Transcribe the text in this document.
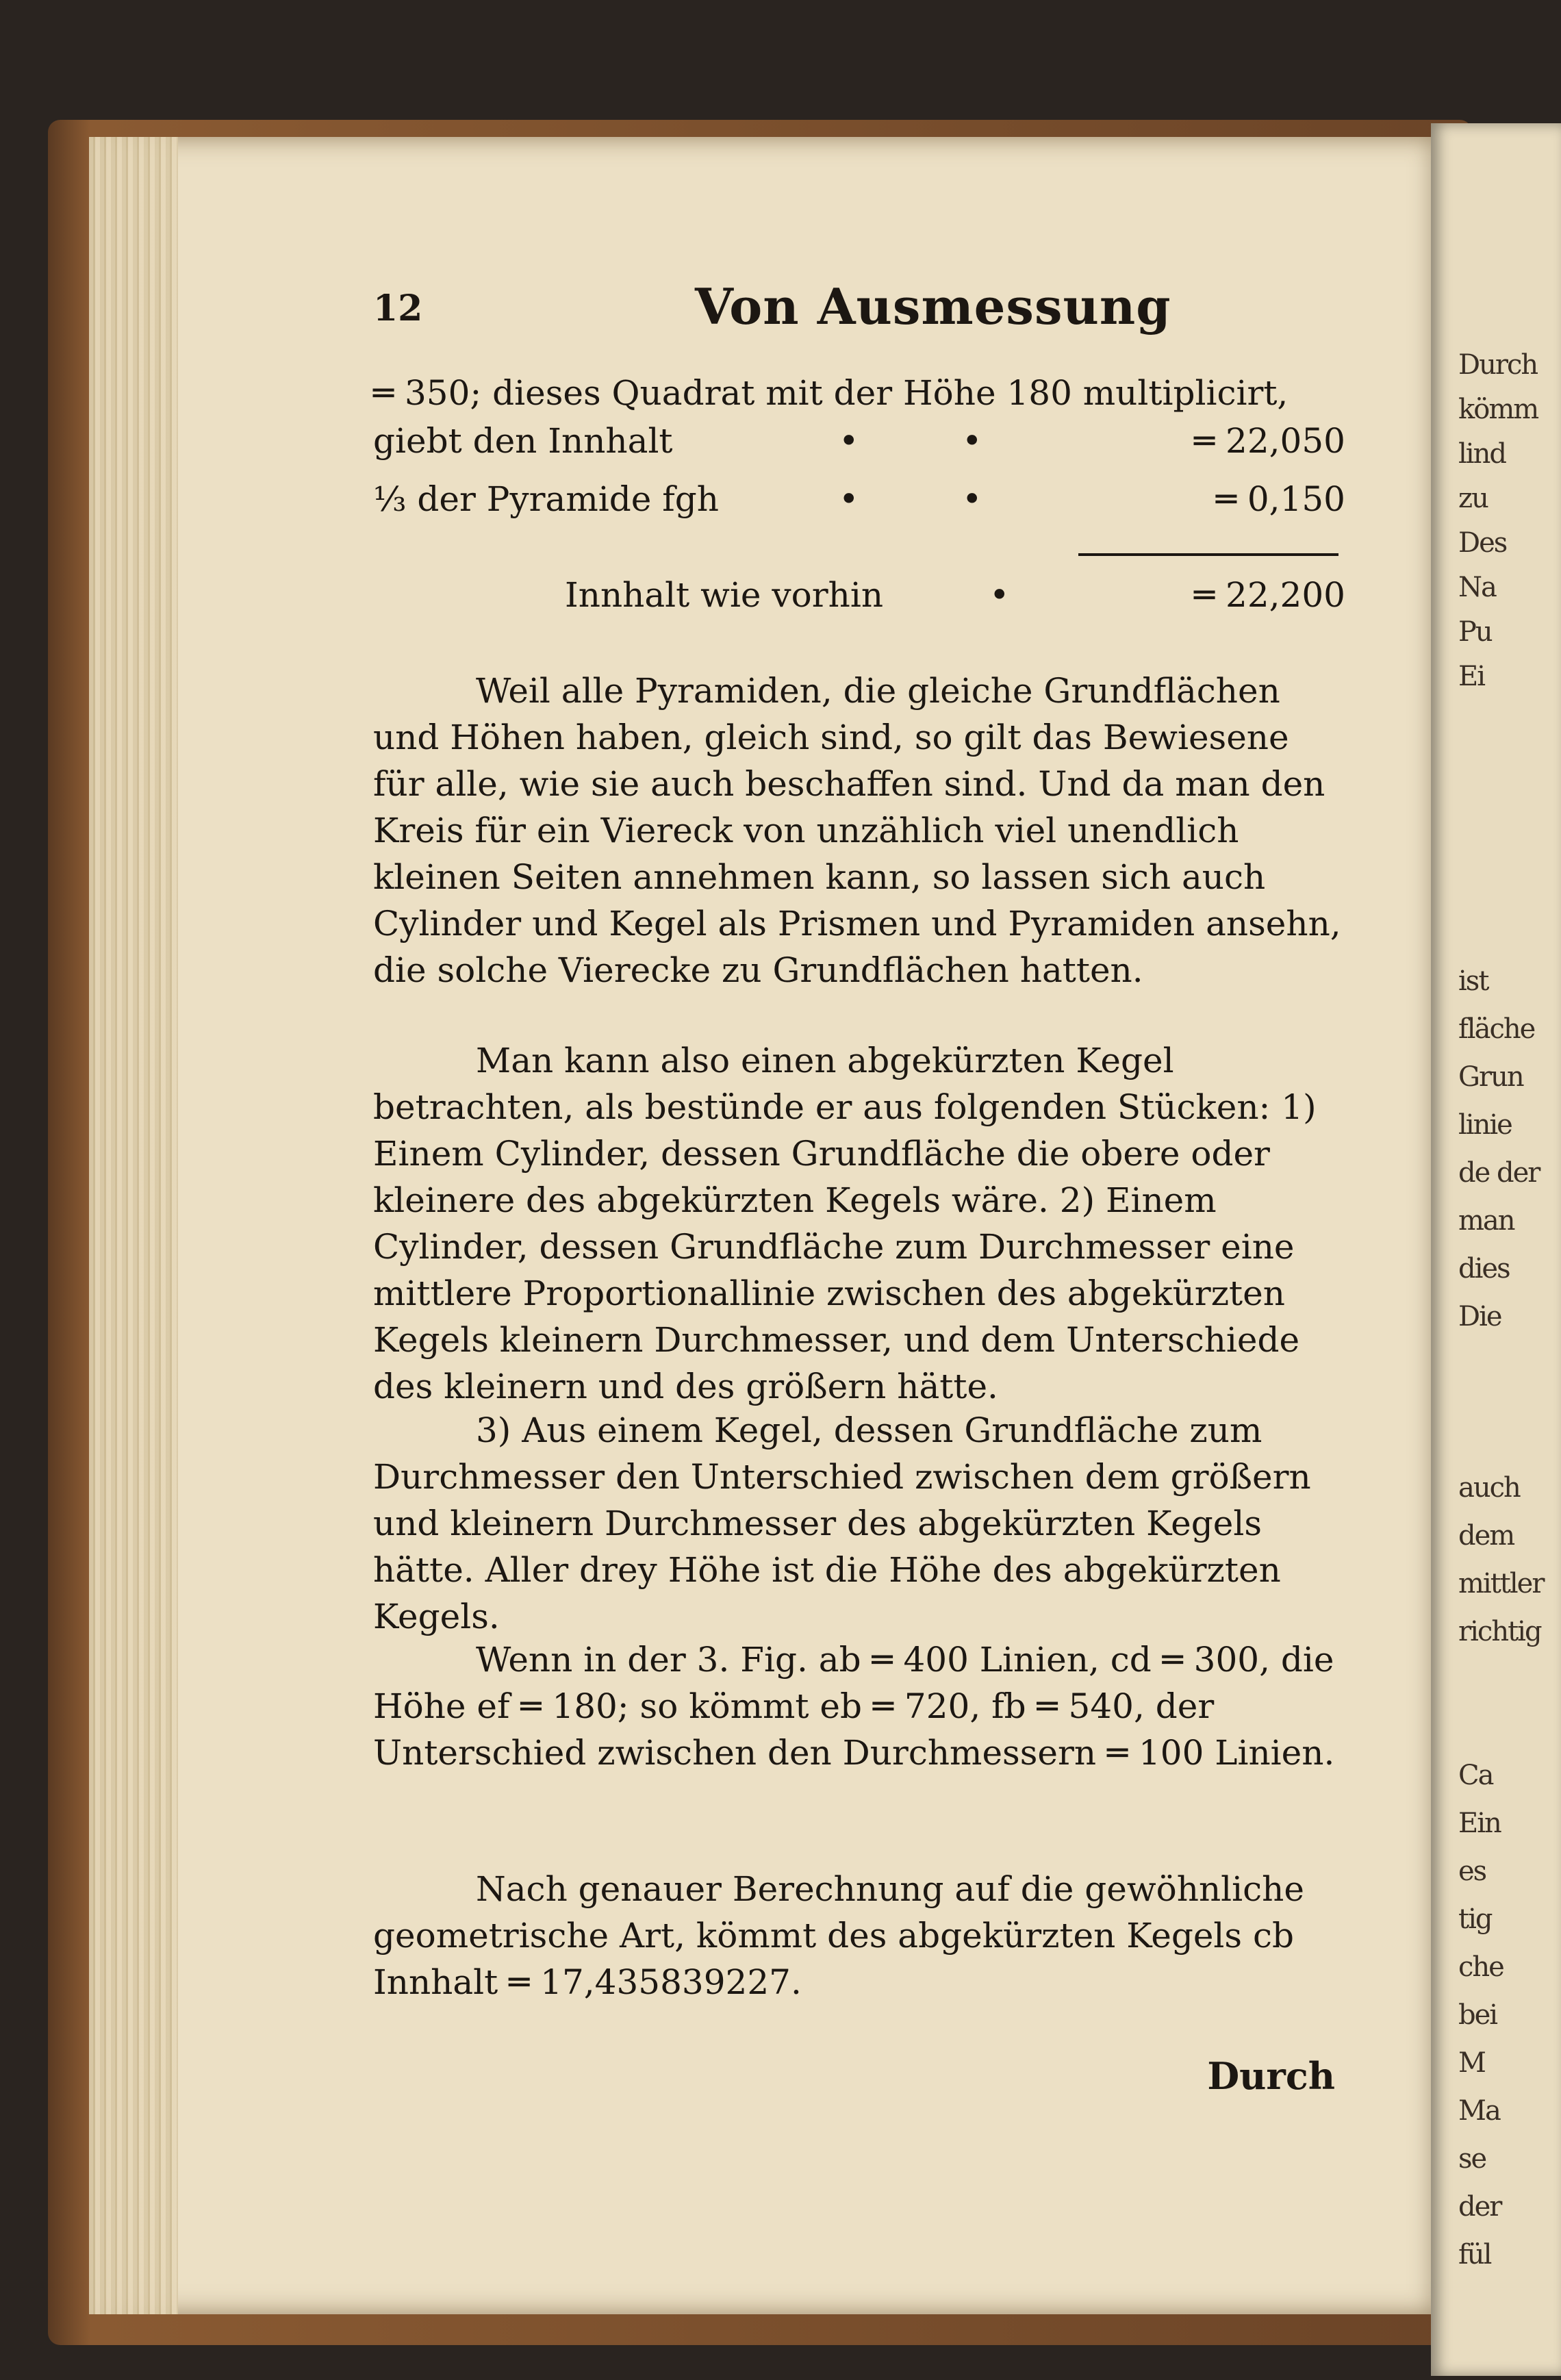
Durch
kömm
lind
zu
Des
Na
Pu
Ei
ist
fläche
Grun
linie
de der
man
dies
Die
auch
dem
mittler
richtig
Ca
Ein
es
tig
che
bei
M
Ma
se
der
fül
12	Von Ausmessung
═ 350; dieses Quadrat mit der Höhe 180 multiplicirt,
giebt den Innhalt	•	•	═ 22,050
⅓ der Pyramide fgh	•	•	═ 0,150
Innhalt wie vorhin	•	═ 22,200
Weil alle Pyramiden, die gleiche Grundflächen und Höhen haben, gleich sind, so gilt das Bewiesene für alle, wie sie auch beschaffen sind. Und da man den Kreis für ein Viereck von unzählich viel unendlich kleinen Seiten annehmen kann, so lassen sich auch Cylinder und Kegel als Prismen und Pyramiden ansehn, die solche Vierecke zu Grundflächen hatten.
Man kann also einen abgekürzten Kegel betrachten, als bestünde er aus folgenden Stücken: 1) Einem Cylinder, dessen Grundfläche die obere oder kleinere des abgekürzten Kegels wäre. 2) Einem Cylinder, dessen Grundfläche zum Durchmesser eine mittlere Proportionallinie zwischen des abgekürzten Kegels kleinern Durchmesser, und dem Unterschiede des kleinern und des größern hätte.
3) Aus einem Kegel, dessen Grundfläche zum Durchmesser den Unterschied zwischen dem größern und kleinern Durchmesser des abgekürzten Kegels hätte. Aller drey Höhe ist die Höhe des abgekürzten Kegels.
Wenn in der 3. Fig. ab ═ 400 Linien, cd ═ 300, die Höhe ef ═ 180; so kömmt eb ═ 720, fb ═ 540, der Unterschied zwischen den Durchmessern ═ 100 Linien.
Nach genauer Berechnung auf die gewöhnliche geometrische Art, kömmt des abgekürzten Kegels cb Innhalt ═ 17,435839227.
Durch
